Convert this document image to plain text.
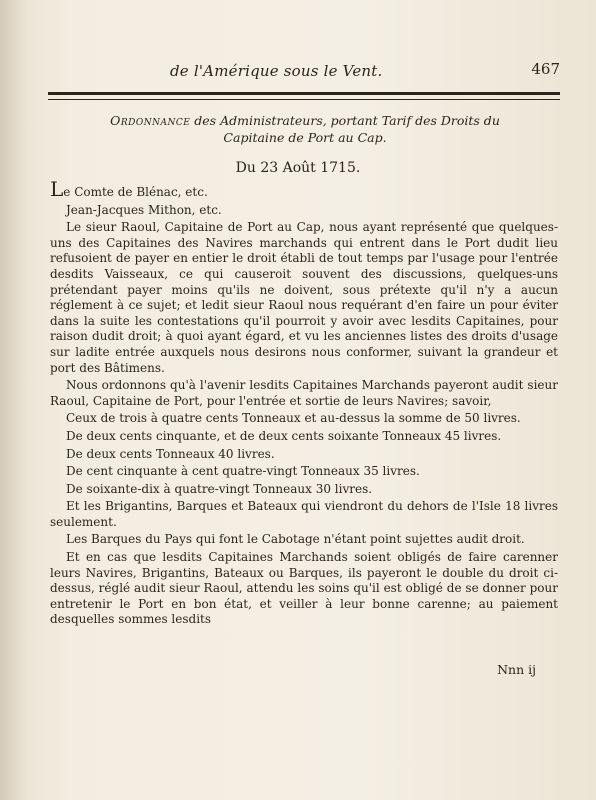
de l'Amérique sous le Vent.	467
Ordonnance des Administrateurs, portant Tarif des Droits du
Capitaine de Port au Cap.
Du 23 Août 1715.

Le Comte de Blénac, etc.

Jean-Jacques Mithon, etc.

Le sieur Raoul, Capitaine de Port au Cap, nous ayant représenté que quelques-uns des Capitaines des Navires marchands qui entrent dans le Port dudit lieu refusoient de payer en entier le droit établi de tout temps par l'usage pour l'entrée desdits Vaisseaux, ce qui causeroit souvent des discussions, quelques-uns prétendant payer moins qu'ils ne doivent, sous prétexte qu'il n'y a aucun réglement à ce sujet; et ledit sieur Raoul nous requérant d'en faire un pour éviter dans la suite les contestations qu'il pourroit y avoir avec lesdits Capitaines, pour raison dudit droit; à quoi ayant égard, et vu les anciennes listes des droits d'usage sur ladite entrée auxquels nous desirons nous conformer, suivant la grandeur et port des Bâtimens.

Nous ordonnons qu'à l'avenir lesdits Capitaines Marchands payeront audit sieur Raoul, Capitaine de Port, pour l'entrée et sortie de leurs Navires; savoir,

Ceux de trois à quatre cents Tonneaux et au-dessus la somme de 50 livres.

De deux cents cinquante, et de deux cents soixante Tonneaux 45 livres.

De deux cents Tonneaux 40 livres.

De cent cinquante à cent quatre-vingt Tonneaux 35 livres.

De soixante-dix à quatre-vingt Tonneaux 30 livres.

Et les Brigantins, Barques et Bateaux qui viendront du dehors de l'Isle 18 livres seulement.

Les Barques du Pays qui font le Cabotage n'étant point sujettes audit droit.

Et en cas que lesdits Capitaines Marchands soient obligés de faire carenner leurs Navires, Brigantins, Bateaux ou Barques, ils payeront le double du droit ci-dessus, réglé audit sieur Raoul, attendu les soins qu'il est obligé de se donner pour entretenir le Port en bon état, et veiller à leur bonne carenne; au paiement desquelles sommes lesdits

Nnn ij
